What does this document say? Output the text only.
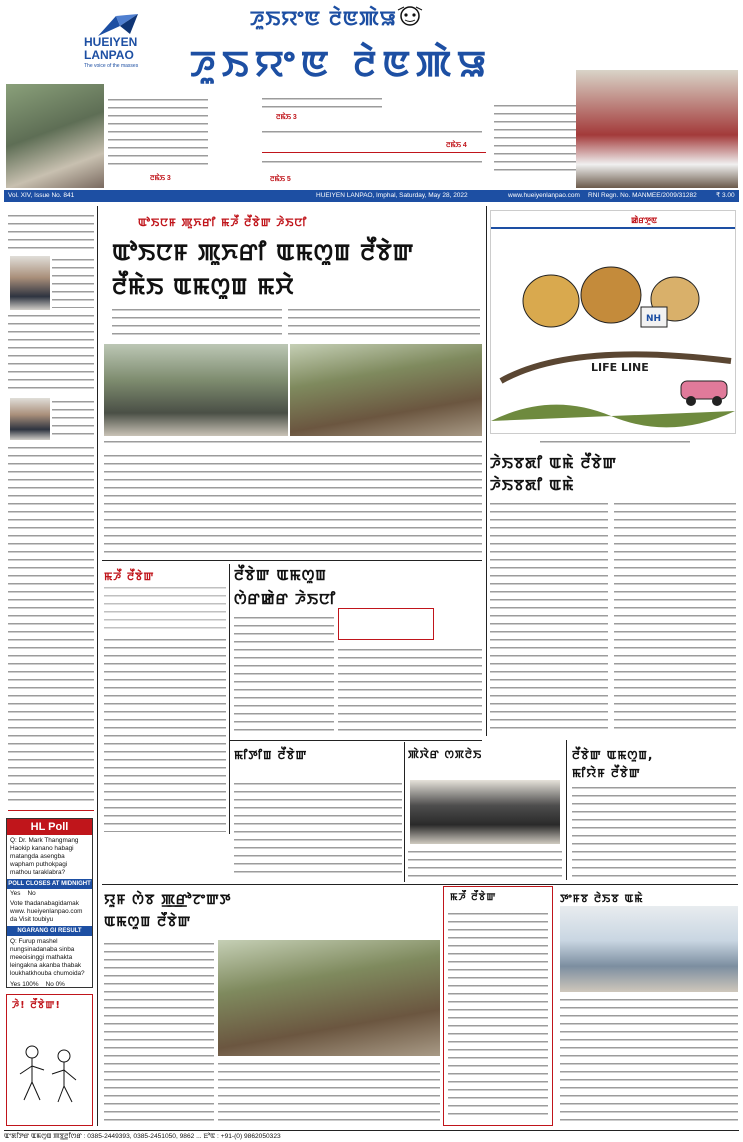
HUEIYEN
LANPAO
The voice of the masses
ꯍꯨꯏꯌꯦꯟ ꯂꯥꯟꯄꯥꯎ
ꯍꯨꯏꯌꯦꯟ ꯂꯥꯟꯄꯥꯎ
ꯂꯃꯥꯏ 3
ꯂꯃꯥꯏ 3
ꯂꯃꯥꯏ 4
ꯂꯃꯥꯏ 5
Vol. XIV, Issue No. 841	HUEIYEN LANPAO, Imphal, Saturday, May 28, 2022	www.hueiyenlanpao.com RNI Regn. No. MANMEE/2009/31282	₹ 3.00
HL Poll
Q: Dr. Mark Thangmang Haokip kanano habagi matangda asengba wapham puthokpagi mathou taraklabra?
POLL CLOSES AT MIDNIGHT
Yes No
Vote thadanabagidamak www. hueiyenlanpao.com da Visit toubiyu
NGARANG GI RESULT
Q: Furup mashel nungsinadanaba sinba meeoisinggi mathakta leingakna akanba thabak loukhatkhouba chumoida?
Yes 100% No 0%
ꯍꯥ! ꯂꯩꯕꯥꯛ!
ꯑꯣꯏꯅꯝ ꯄꯨꯈꯔꯤ ꯃꯍꯩ ꯂꯩꯕꯥꯛ ꯍꯥꯏꯅꯤ
ꯑꯣꯏꯅꯝ ꯄꯨꯈꯔꯤ ꯑꯃꯁꯨꯡ ꯂꯩꯕꯥꯛ
ꯂꯩꯃꯥꯏ ꯑꯃꯁꯨꯡ ꯃꯆꯥ
ꯃꯍꯩ ꯂꯩꯕꯥꯛ	ꯂꯩꯕꯥꯛ ꯑꯃꯁꯨꯡ
ꯁꯥꯔꯀꯥꯔ ꯍꯥꯏꯅꯤ
ꯃꯤꯇꯤꯡ ꯂꯩꯕꯥꯛ	ꯄꯥꯋꯥꯔ ꯁꯞꯂꯥꯏ
ꯌꯨꯝ ꯁꯥꯕ ꯄ꯭ꯔꯣꯖꯦꯛꯇ
ꯑꯃꯁꯨꯡ ꯂꯩꯕꯥꯛ
ꯃꯍꯩ ꯂꯩꯕꯥꯛ
ꯀꯥꯔꯇꯨꯟ
NH
LIFE LINE
ꯍꯥꯏꯕꯗꯤ ꯑꯃꯥ ꯂꯩꯕꯥꯛ
ꯍꯥꯏꯕꯗꯤ ꯑꯃꯥ
ꯂꯩꯕꯥꯛ ꯑꯃꯁꯨꯡ,
ꯃꯤꯌꯥꯝ ꯂꯩꯕꯥꯛ
ꯇꯦꯝꯕ ꯂꯥꯏꯕ ꯑꯃꯥ
ꯑꯦꯗꯤꯇꯔ ꯑꯃꯁꯨꯡ ꯄꯕ꯭ꯂꯤꯁꯔ : 0385-2449393, 0385-2451050, 9862 ... ꯐꯣꯟ : +91-(0) 9862050323
